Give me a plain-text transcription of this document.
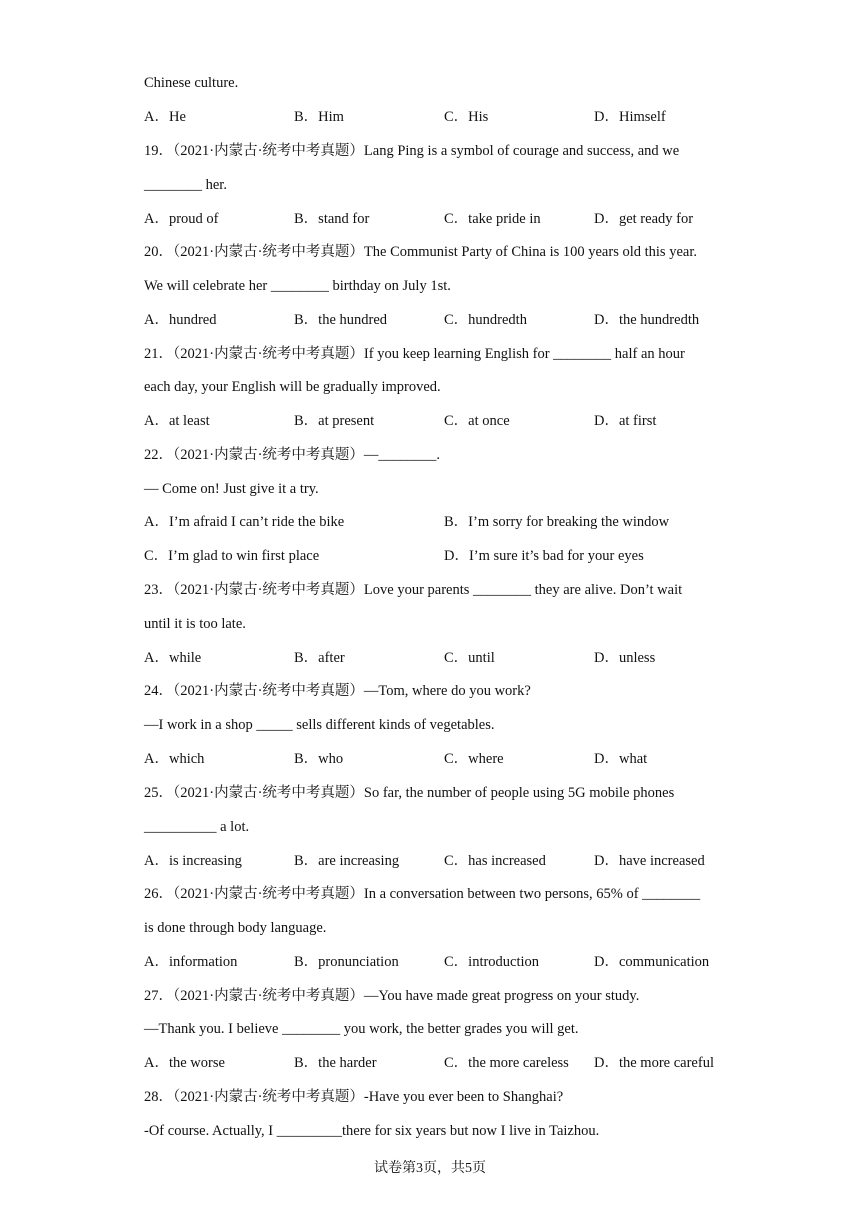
Chinese culture.
A．He	B．Him	C．His	D．Himself
19．（2021·内蒙古·统考中考真题）Lang Ping is a symbol of courage and success, and we
________ her.
A．proud of	B．stand for	C．take pride in	D．get ready for
20．（2021·内蒙古·统考中考真题）The Communist Party of China is 100 years old this year.
We will celebrate her ________ birthday on July 1st.
A．hundred	B．the hundred	C．hundredth	D．the hundredth
21．（2021·内蒙古·统考中考真题）If you keep learning English for ________ half an hour
each day, your English will be gradually improved.
A．at least	B．at present	C．at once	D．at first
22．（2021·内蒙古·统考中考真题）—________.
— Come on! Just give it a try.
A．I’m afraid I can’t ride the bike	B．I’m sorry for breaking the window
C．I’m glad to win first place	D．I’m sure it’s bad for your eyes
23．（2021·内蒙古·统考中考真题）Love your parents ________ they are alive. Don’t wait
until it is too late.
A．while	B．after	C．until	D．unless
24．（2021·内蒙古·统考中考真题）—Tom, where do you work?
—I work in a shop _____ sells different kinds of vegetables.
A．which	B．who	C．where	D．what
25．（2021·内蒙古·统考中考真题）So far, the number of people using 5G mobile phones
__________ a lot.
A．is increasing	B．are increasing	C．has increased	D．have increased
26．（2021·内蒙古·统考中考真题）In a conversation between two persons, 65% of ________
is done through body language.
A．information	B．pronunciation	C．introduction	D．communication
27．（2021·内蒙古·统考中考真题）—You have made great progress on your study.
—Thank you. I believe ________ you work, the better grades you will get.
A．the worse	B．the harder	C．the more careless D．the more careful
28．（2021·内蒙古·统考中考真题）-Have you ever been to Shanghai?
-Of course. Actually, I _________there for six years but now I live in Taizhou.
试卷第3页，共5页
